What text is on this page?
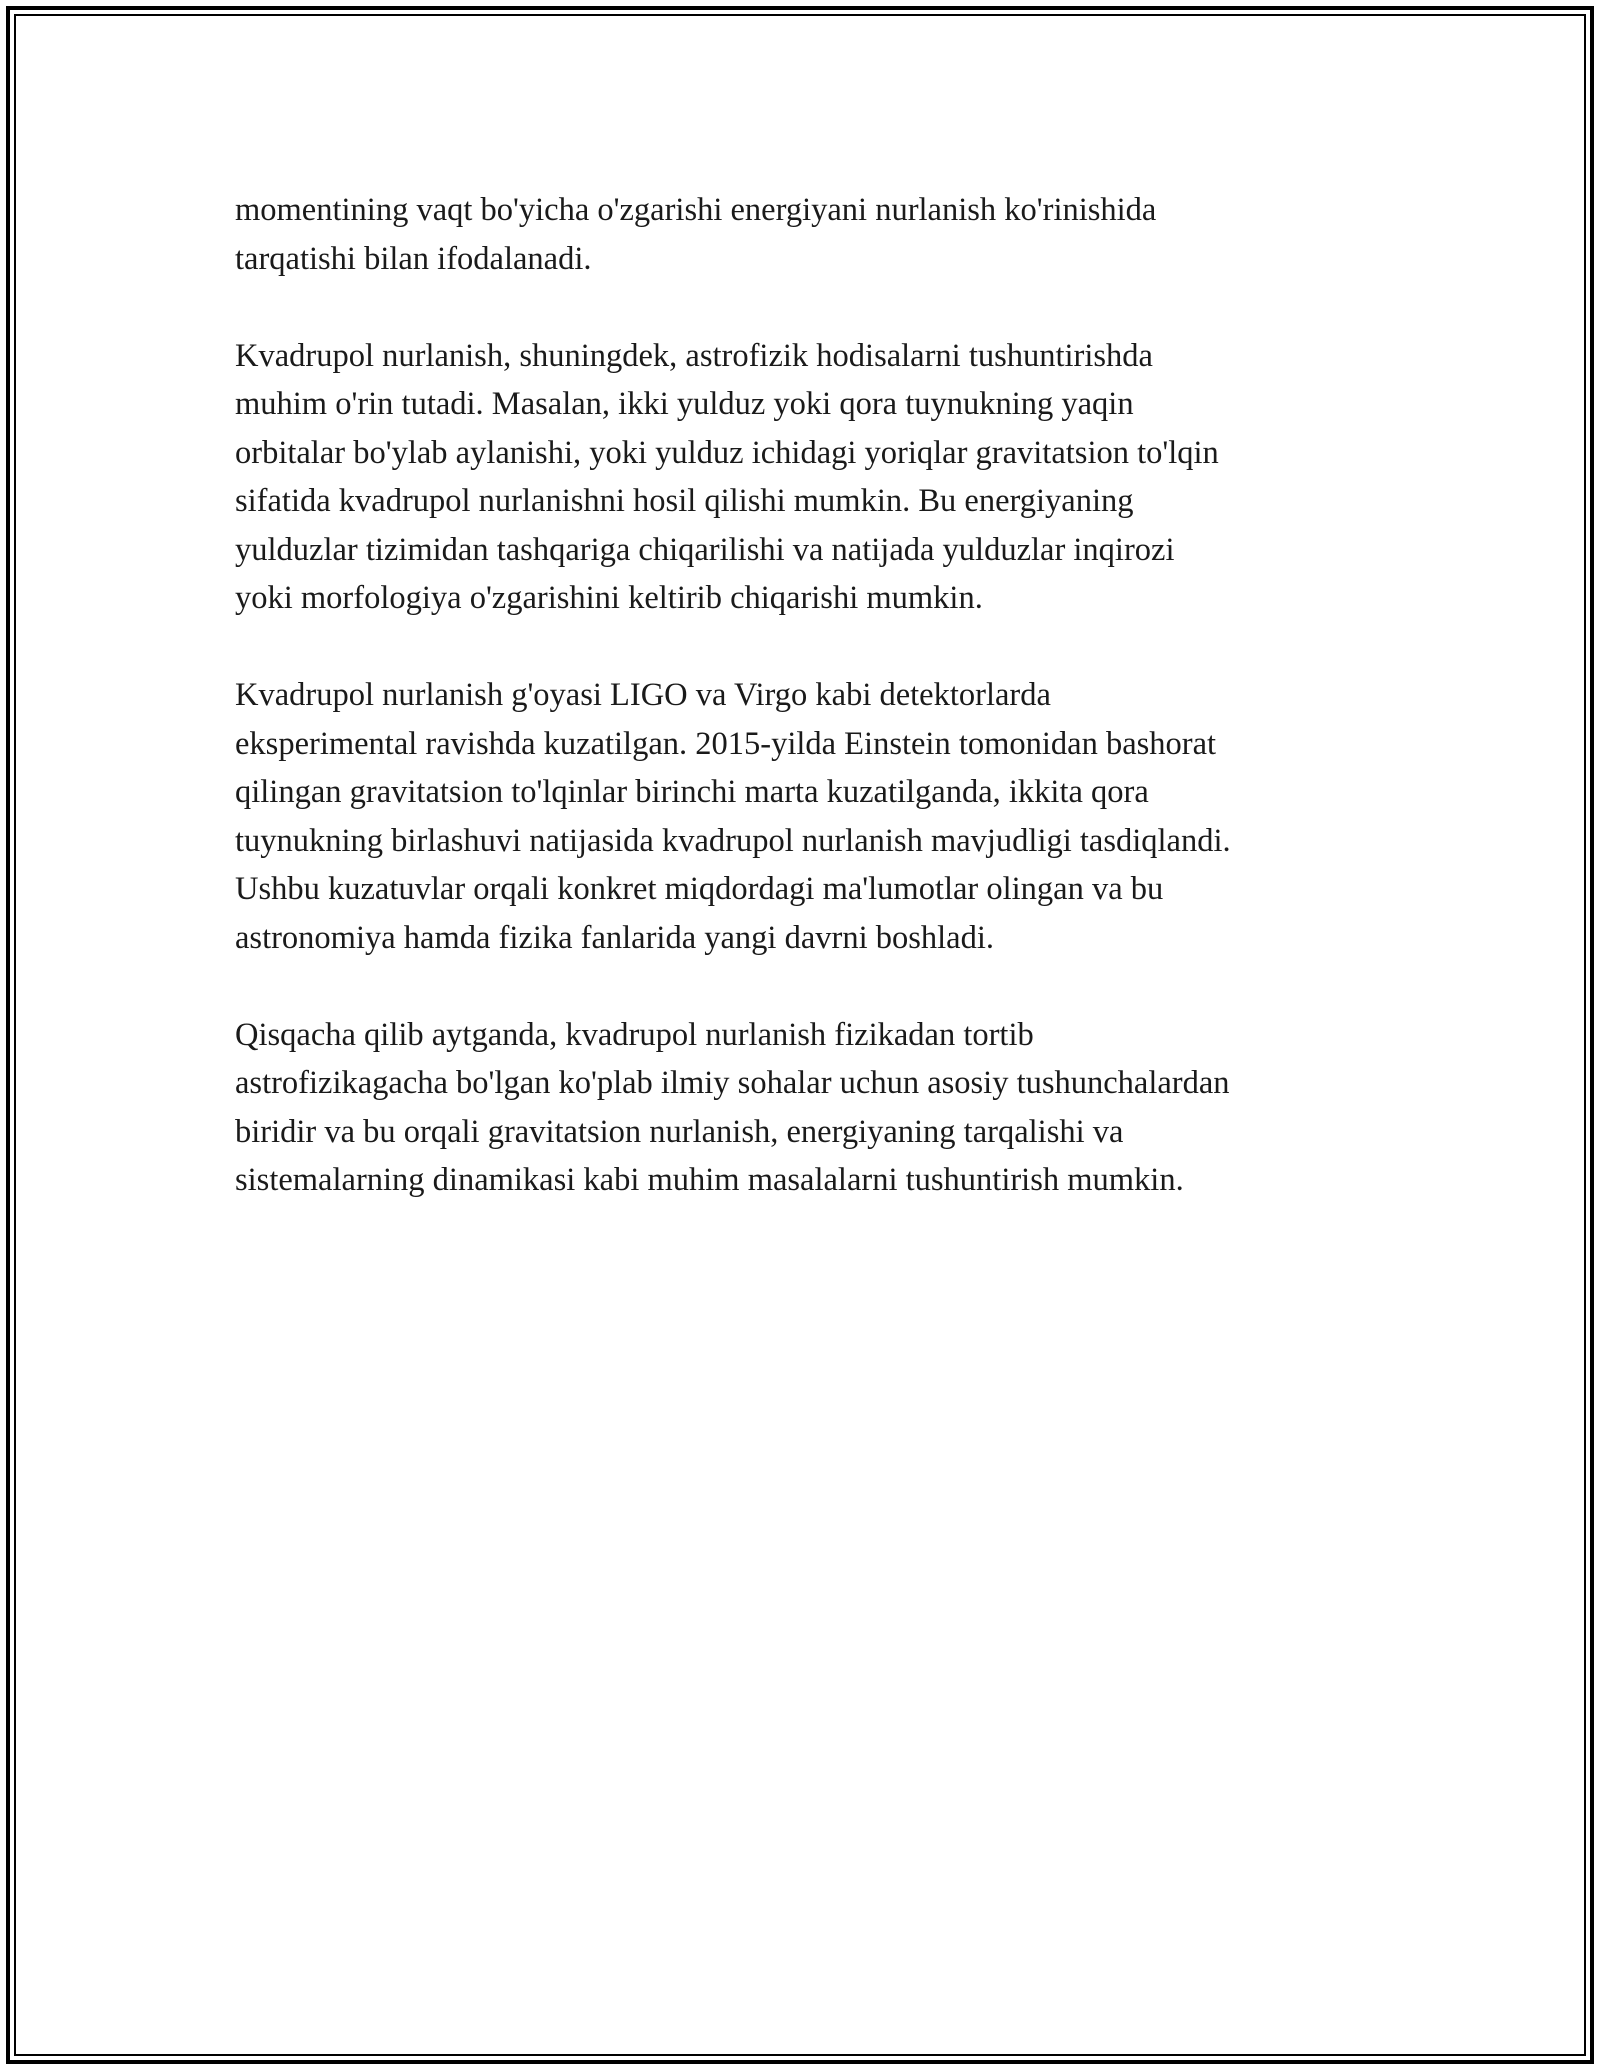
momentining vaqt bo'yicha o'zgarishi energiyani nurlanish ko'rinishida
tarqatishi bilan ifodalanadi.

Kvadrupol nurlanish, shuningdek, astrofizik hodisalarni tushuntirishda
muhim o'rin tutadi. Masalan, ikki yulduz yoki qora tuynukning yaqin
orbitalar bo'ylab aylanishi, yoki yulduz ichidagi yoriqlar gravitatsion to'lqin
sifatida kvadrupol nurlanishni hosil qilishi mumkin. Bu energiyaning
yulduzlar tizimidan tashqariga chiqarilishi va natijada yulduzlar inqirozi
yoki morfologiya o'zgarishini keltirib chiqarishi mumkin.

Kvadrupol nurlanish g'oyasi LIGO va Virgo kabi detektorlarda
eksperimental ravishda kuzatilgan. 2015-yilda Einstein tomonidan bashorat
qilingan gravitatsion to'lqinlar birinchi marta kuzatilganda, ikkita qora
tuynukning birlashuvi natijasida kvadrupol nurlanish mavjudligi tasdiqlandi.
Ushbu kuzatuvlar orqali konkret miqdordagi ma'lumotlar olingan va bu
astronomiya hamda fizika fanlarida yangi davrni boshladi.

Qisqacha qilib aytganda, kvadrupol nurlanish fizikadan tortib
astrofizikagacha bo'lgan ko'plab ilmiy sohalar uchun asosiy tushunchalardan
biridir va bu orqali gravitatsion nurlanish, energiyaning tarqalishi va
sistemalarning dinamikasi kabi muhim masalalarni tushuntirish mumkin.
